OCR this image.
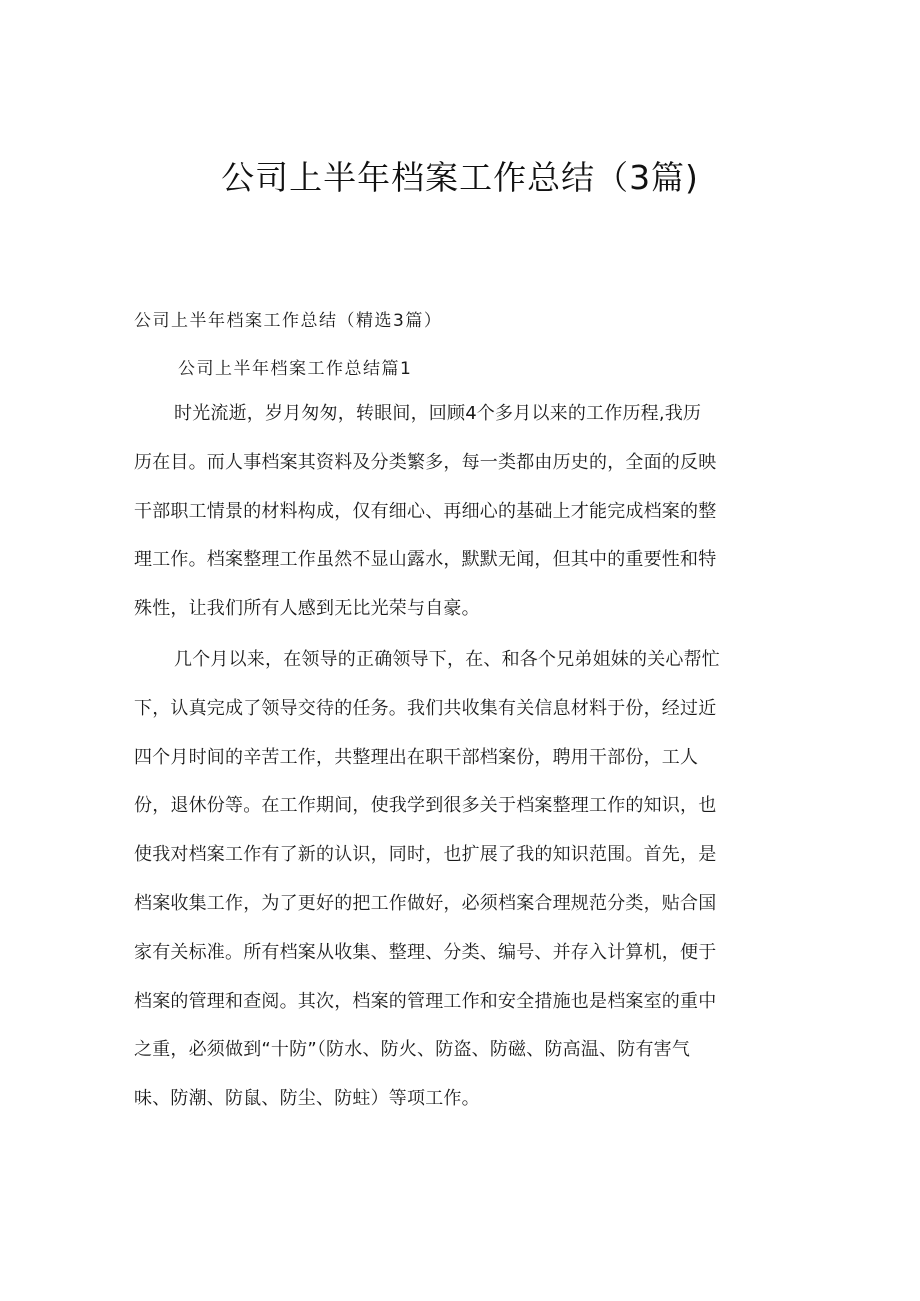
公司上半年档案工作总结（3篇)

公司上半年档案工作总结（精选3篇）

公司上半年档案工作总结篇1

时光流逝，岁月匆匆，转眼间，回顾4个多月以来的工作历程,我历
历在目。而人事档案其资料及分类繁多，每一类都由历史的，全面的反映
干部职工情景的材料构成，仅有细心、再细心的基础上才能完成档案的整
理工作。档案整理工作虽然不显山露水，默默无闻，但其中的重要性和特
殊性，让我们所有人感到无比光荣与自豪。
几个月以来，在领导的正确领导下，在、和各个兄弟姐妹的关心帮忙
下，认真完成了领导交待的任务。我们共收集有关信息材料于份，经过近
四个月时间的辛苦工作，共整理出在职干部档案份，聘用干部份，工人
份，退休份等。在工作期间，使我学到很多关于档案整理工作的知识，也
使我对档案工作有了新的认识，同时，也扩展了我的知识范围。首先，是
档案收集工作，为了更好的把工作做好，必须档案合理规范分类，贴合国
家有关标准。所有档案从收集、整理、分类、编号、并存入计算机，便于
档案的管理和查阅。其次，档案的管理工作和安全措施也是档案室的重中
之重，必须做到“十防”（防水、防火、防盗、防磁、防高温、防有害气
味、防潮、防鼠、防尘、防蛀）等项工作。
